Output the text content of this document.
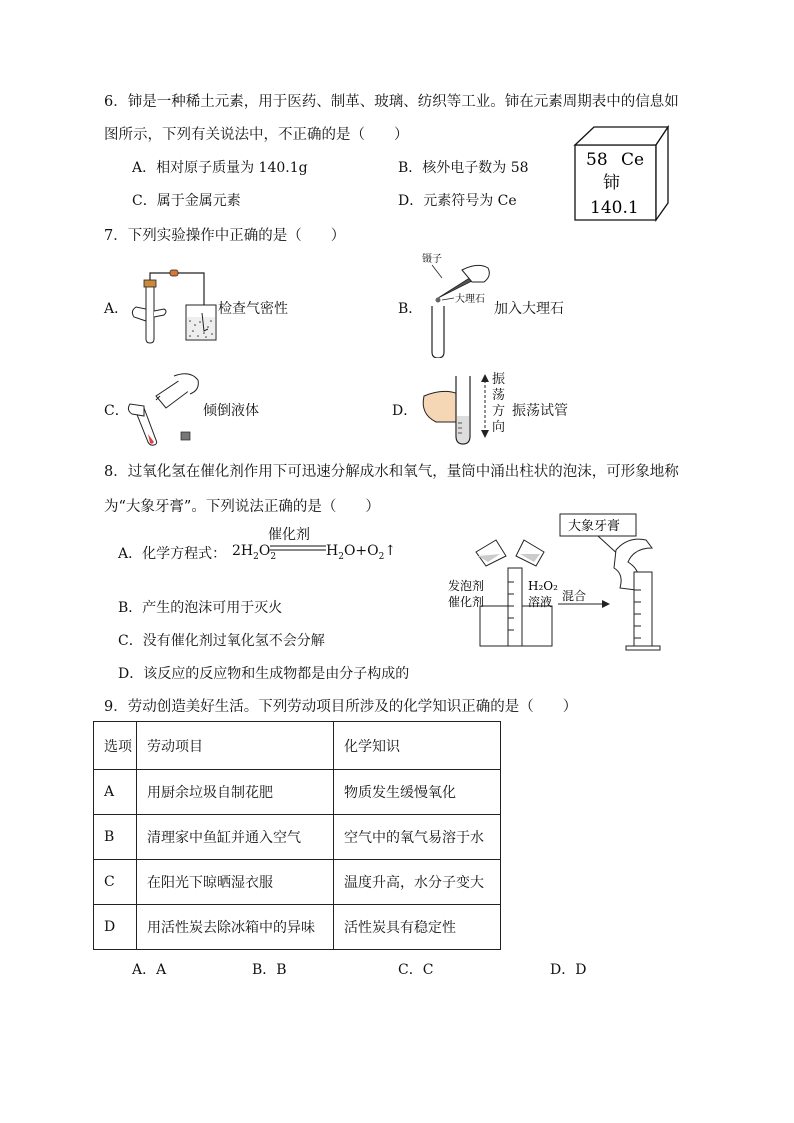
6．铈是一种稀土元素，用于医药、制革、玻璃、纺织等工业。铈在元素周期表中的信息如
图所示，下列有关说法中，不正确的是（　　）
A．相对原子质量为 140.1g	B．核外电子数为 58
C．属于金属元素	D．元素符号为 Ce
58 Ce
铈
140.1
7．下列实验操作中正确的是（　　）
A．	检查气密性	B．
镊子
大理石
加入大理石
C．	倾倒液体	D．
振
荡
方
向
振荡试管
8．过氧化氢在催化剂作用下可迅速分解成水和氧气，量筒中涌出柱状的泡沫，可形象地称
为“大象牙膏”。下列说法正确的是（　　）
A．化学方程式： $2H_2O_2$
催化剂
$H_2O+O_2↑$
B．产生的泡沫可用于灭火
C．没有催化剂过氧化氢不会分解
D．该反应的反应物和生成物都是由分子构成的
大象牙膏
发泡剂
催化剂
H₂O₂
溶液 混合
9．劳动创造美好生活。下列劳动项目所涉及的化学知识正确的是（　　）
选项	劳动项目	化学知识
A	用厨余垃圾自制花肥	物质发生缓慢氧化
B	清理家中鱼缸并通入空气	空气中的氧气易溶于水
C	在阳光下晾晒湿衣服	温度升高，水分子变大
D	用活性炭去除冰箱中的异味	活性炭具有稳定性
A．A	B．B	C．C	D．D
